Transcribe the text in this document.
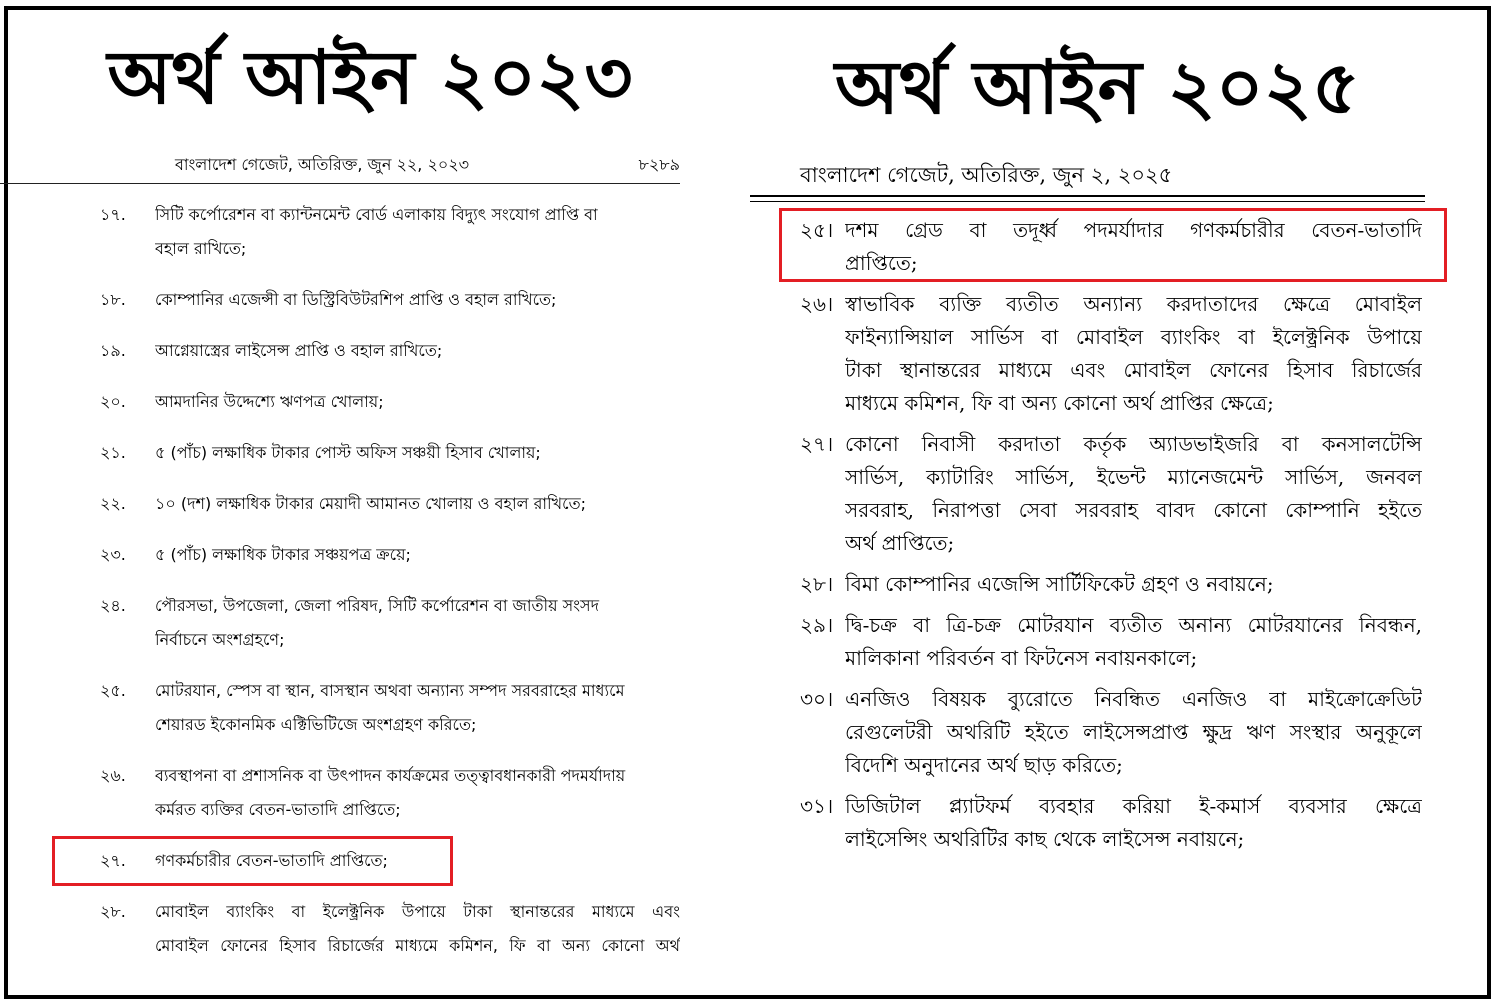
অর্থ আইন ২০২৩
বাংলাদেশ গেজেট, অতিরিক্ত, জুন ২২, ২০২৩	৮২৮৯
১৭.	সিটি কর্পোরেশন বা ক্যান্টনমেন্ট বোর্ড এলাকায় বিদ্যুৎ সংযোগ প্রাপ্তি বা
বহাল রাখিতে;
১৮.	কোম্পানির এজেন্সী বা ডিস্ট্রিবিউটরশিপ প্রাপ্তি ও বহাল রাখিতে;
১৯.	আগ্নেয়াস্ত্রের লাইসেন্স প্রাপ্তি ও বহাল রাখিতে;
২০.	আমদানির উদ্দেশ্যে ঋণপত্র খোলায়;
২১.	৫ (পাঁচ) লক্ষাধিক টাকার পোস্ট অফিস সঞ্চয়ী হিসাব খোলায়;
২২.	১০ (দশ) লক্ষাধিক টাকার মেয়াদী আমানত খোলায় ও বহাল রাখিতে;
২৩.	৫ (পাঁচ) লক্ষাধিক টাকার সঞ্চয়পত্র ক্রয়ে;
২৪.	পৌরসভা, উপজেলা, জেলা পরিষদ, সিটি কর্পোরেশন বা জাতীয় সংসদ
নির্বাচনে অংশগ্রহণে;
২৫.	মোটরযান, স্পেস বা স্থান, বাসস্থান অথবা অন্যান্য সম্পদ সরবরাহের মাধ্যমে
শেয়ারড ইকোনমিক এক্টিভিটিজে অংশগ্রহণ করিতে;
২৬.	ব্যবস্থাপনা বা প্রশাসনিক বা উৎপাদন কার্যক্রমের তত্ত্বাবধানকারী পদমর্যাদায়
কর্মরত ব্যক্তির বেতন-ভাতাদি প্রাপ্তিতে;
২৭.	গণকর্মচারীর বেতন-ভাতাদি প্রাপ্তিতে;
২৮.	মোবাইল ব্যাংকিং বা ইলেক্ট্রনিক উপায়ে টাকা স্থানান্তরের মাধ্যমে এবং
মোবাইল ফোনের হিসাব রিচার্জের মাধ্যমে কমিশন, ফি বা অন্য কোনো অর্থ
অর্থ আইন ২০২৫
বাংলাদেশ গেজেট, অতিরিক্ত, জুন ২, ২০২৫
২৫। দশম গ্রেড বা তদূর্ধ্ব পদমর্যাদার গণকর্মচারীর বেতন-ভাতাদি
প্রাপ্তিতে;
২৬। স্বাভাবিক ব্যক্তি ব্যতীত অন্যান্য করদাতাদের ক্ষেত্রে মোবাইল
ফাইন্যান্সিয়াল সার্ভিস বা মোবাইল ব্যাংকিং বা ইলেক্ট্রনিক উপায়ে
টাকা স্থানান্তরের মাধ্যমে এবং মোবাইল ফোনের হিসাব রিচার্জের
মাধ্যমে কমিশন, ফি বা অন্য কোনো অর্থ প্রাপ্তির ক্ষেত্রে;
২৭। কোনো নিবাসী করদাতা কর্তৃক অ্যাডভাইজরি বা কনসালটেন্সি
সার্ভিস, ক্যাটারিং সার্ভিস, ইভেন্ট ম্যানেজমেন্ট সার্ভিস, জনবল
সরবরাহ, নিরাপত্তা সেবা সরবরাহ বাবদ কোনো কোম্পানি হইতে
অর্থ প্রাপ্তিতে;
২৮। বিমা কোম্পানির এজেন্সি সার্টিফিকেট গ্রহণ ও নবায়নে;
২৯। দ্বি-চক্র বা ত্রি-চক্র মোটরযান ব্যতীত অনান্য মোটরযানের নিবন্ধন,
মালিকানা পরিবর্তন বা ফিটনেস নবায়নকালে;
৩০। এনজিও বিষয়ক ব্যুরোতে নিবন্ধিত এনজিও বা মাইক্রোক্রেডিট
রেগুলেটরী অথরিটি হইতে লাইসেন্সপ্রাপ্ত ক্ষুদ্র ঋণ সংস্থার অনুকূলে
বিদেশি অনুদানের অর্থ ছাড় করিতে;
৩১। ডিজিটাল প্ল্যাটফর্ম ব্যবহার করিয়া ই-কমার্স ব্যবসার ক্ষেত্রে
লাইসেন্সিং অথরিটির কাছ থেকে লাইসেন্স নবায়নে;
